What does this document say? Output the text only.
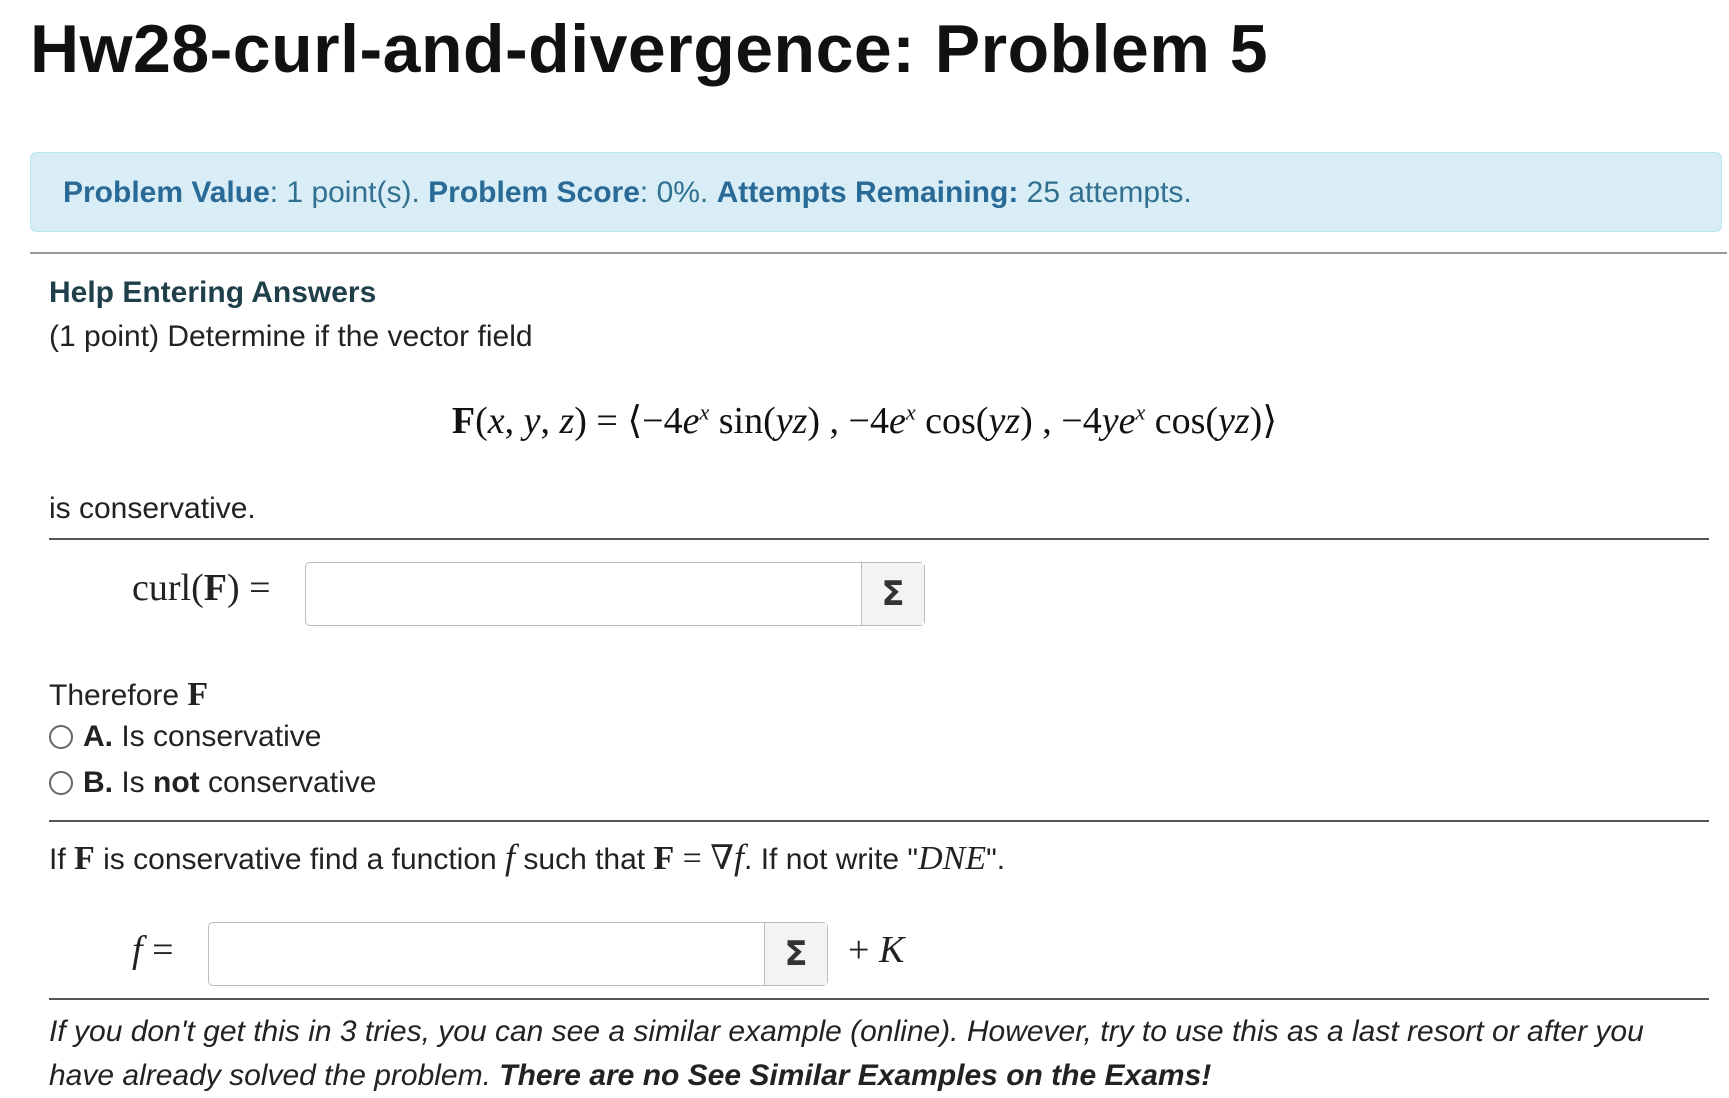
Hw28-curl-and-divergence: Problem 5
Problem Value: 1 point(s). Problem Score: 0%. Attempts Remaining: 25 attempts.
Help Entering Answers
(1 point) Determine if the vector field
F(x, y, $z) = ⟨-4e^x$ sin(yz) , $-4e^x$ cos(yz) , $-4ye^x$ cos(yz)⟩
is conservative.
curl(F) =	Σ
Therefore F
A.
Is conservative
B.
Is
not
conservative
If F is conservative find a function f such that F = ∇f. If not write "DNE".
f =	Σ	+ K
If you don't get this in 3 tries, you can see a similar example (online). However, try to use this as a last resort or after you have already solved the problem. There are no See Similar Examples on the Exams!
